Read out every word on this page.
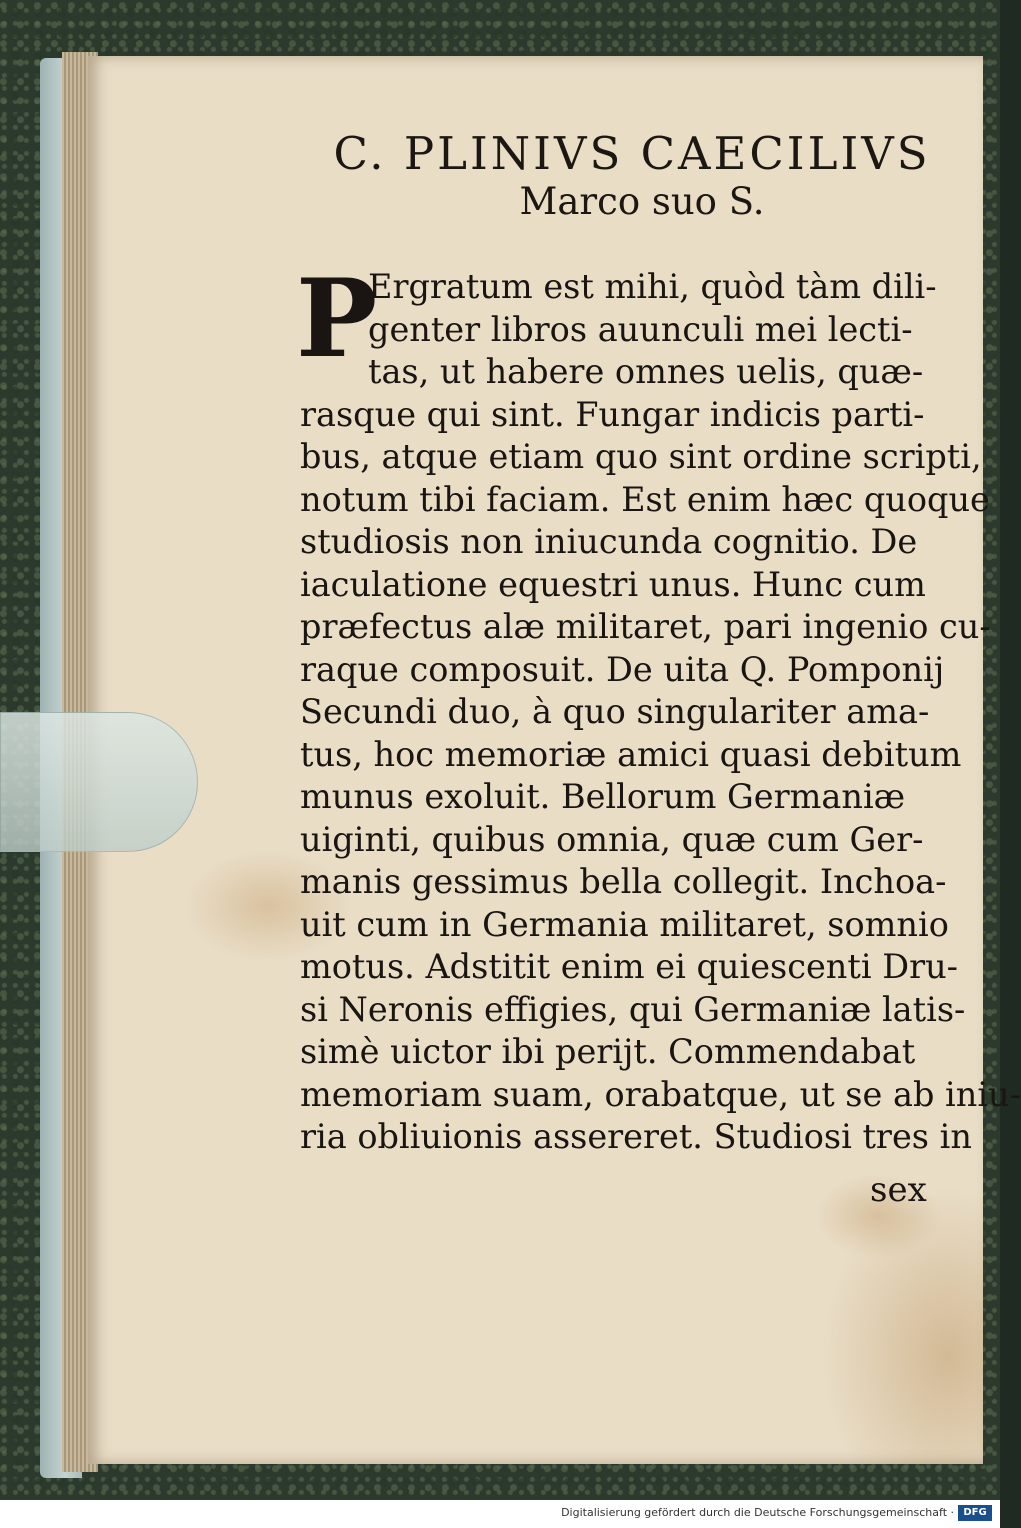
C. PLINIVS CAECILIVS
Marco suo S.
P
Ergratum est mihi, quòd tàm dili-
genter libros auunculi mei lecti-
tas, ut habere omnes uelis, quæ-
rasque qui sint. Fungar indicis parti-
bus, atque etiam quo sint ordine scripti,
notum tibi faciam. Est enim hæc quoque
studiosis non iniucunda cognitio. De
iaculatione equestri unus. Hunc cum
præfectus alæ militaret, pari ingenio cu-
raque composuit. De uita Q. Pomponij
Secundi duo, à quo singulariter ama-
tus, hoc memoriæ amici quasi debitum
munus exoluit. Bellorum Germaniæ
uiginti, quibus omnia, quæ cum Ger-
manis gessimus bella collegit. Inchoa-
uit cum in Germania militaret, somnio
motus. Adstitit enim ei quiescenti Dru-
si Neronis effigies, qui Germaniæ latis-
simè uictor ibi perijt. Commendabat
memoriam suam, orabatque, ut se ab iniu-
ria obliuionis assereret. Studiosi tres in
sex
Digitalisierung gefördert durch die Deutsche Forschungsgemeinschaft · DFG
